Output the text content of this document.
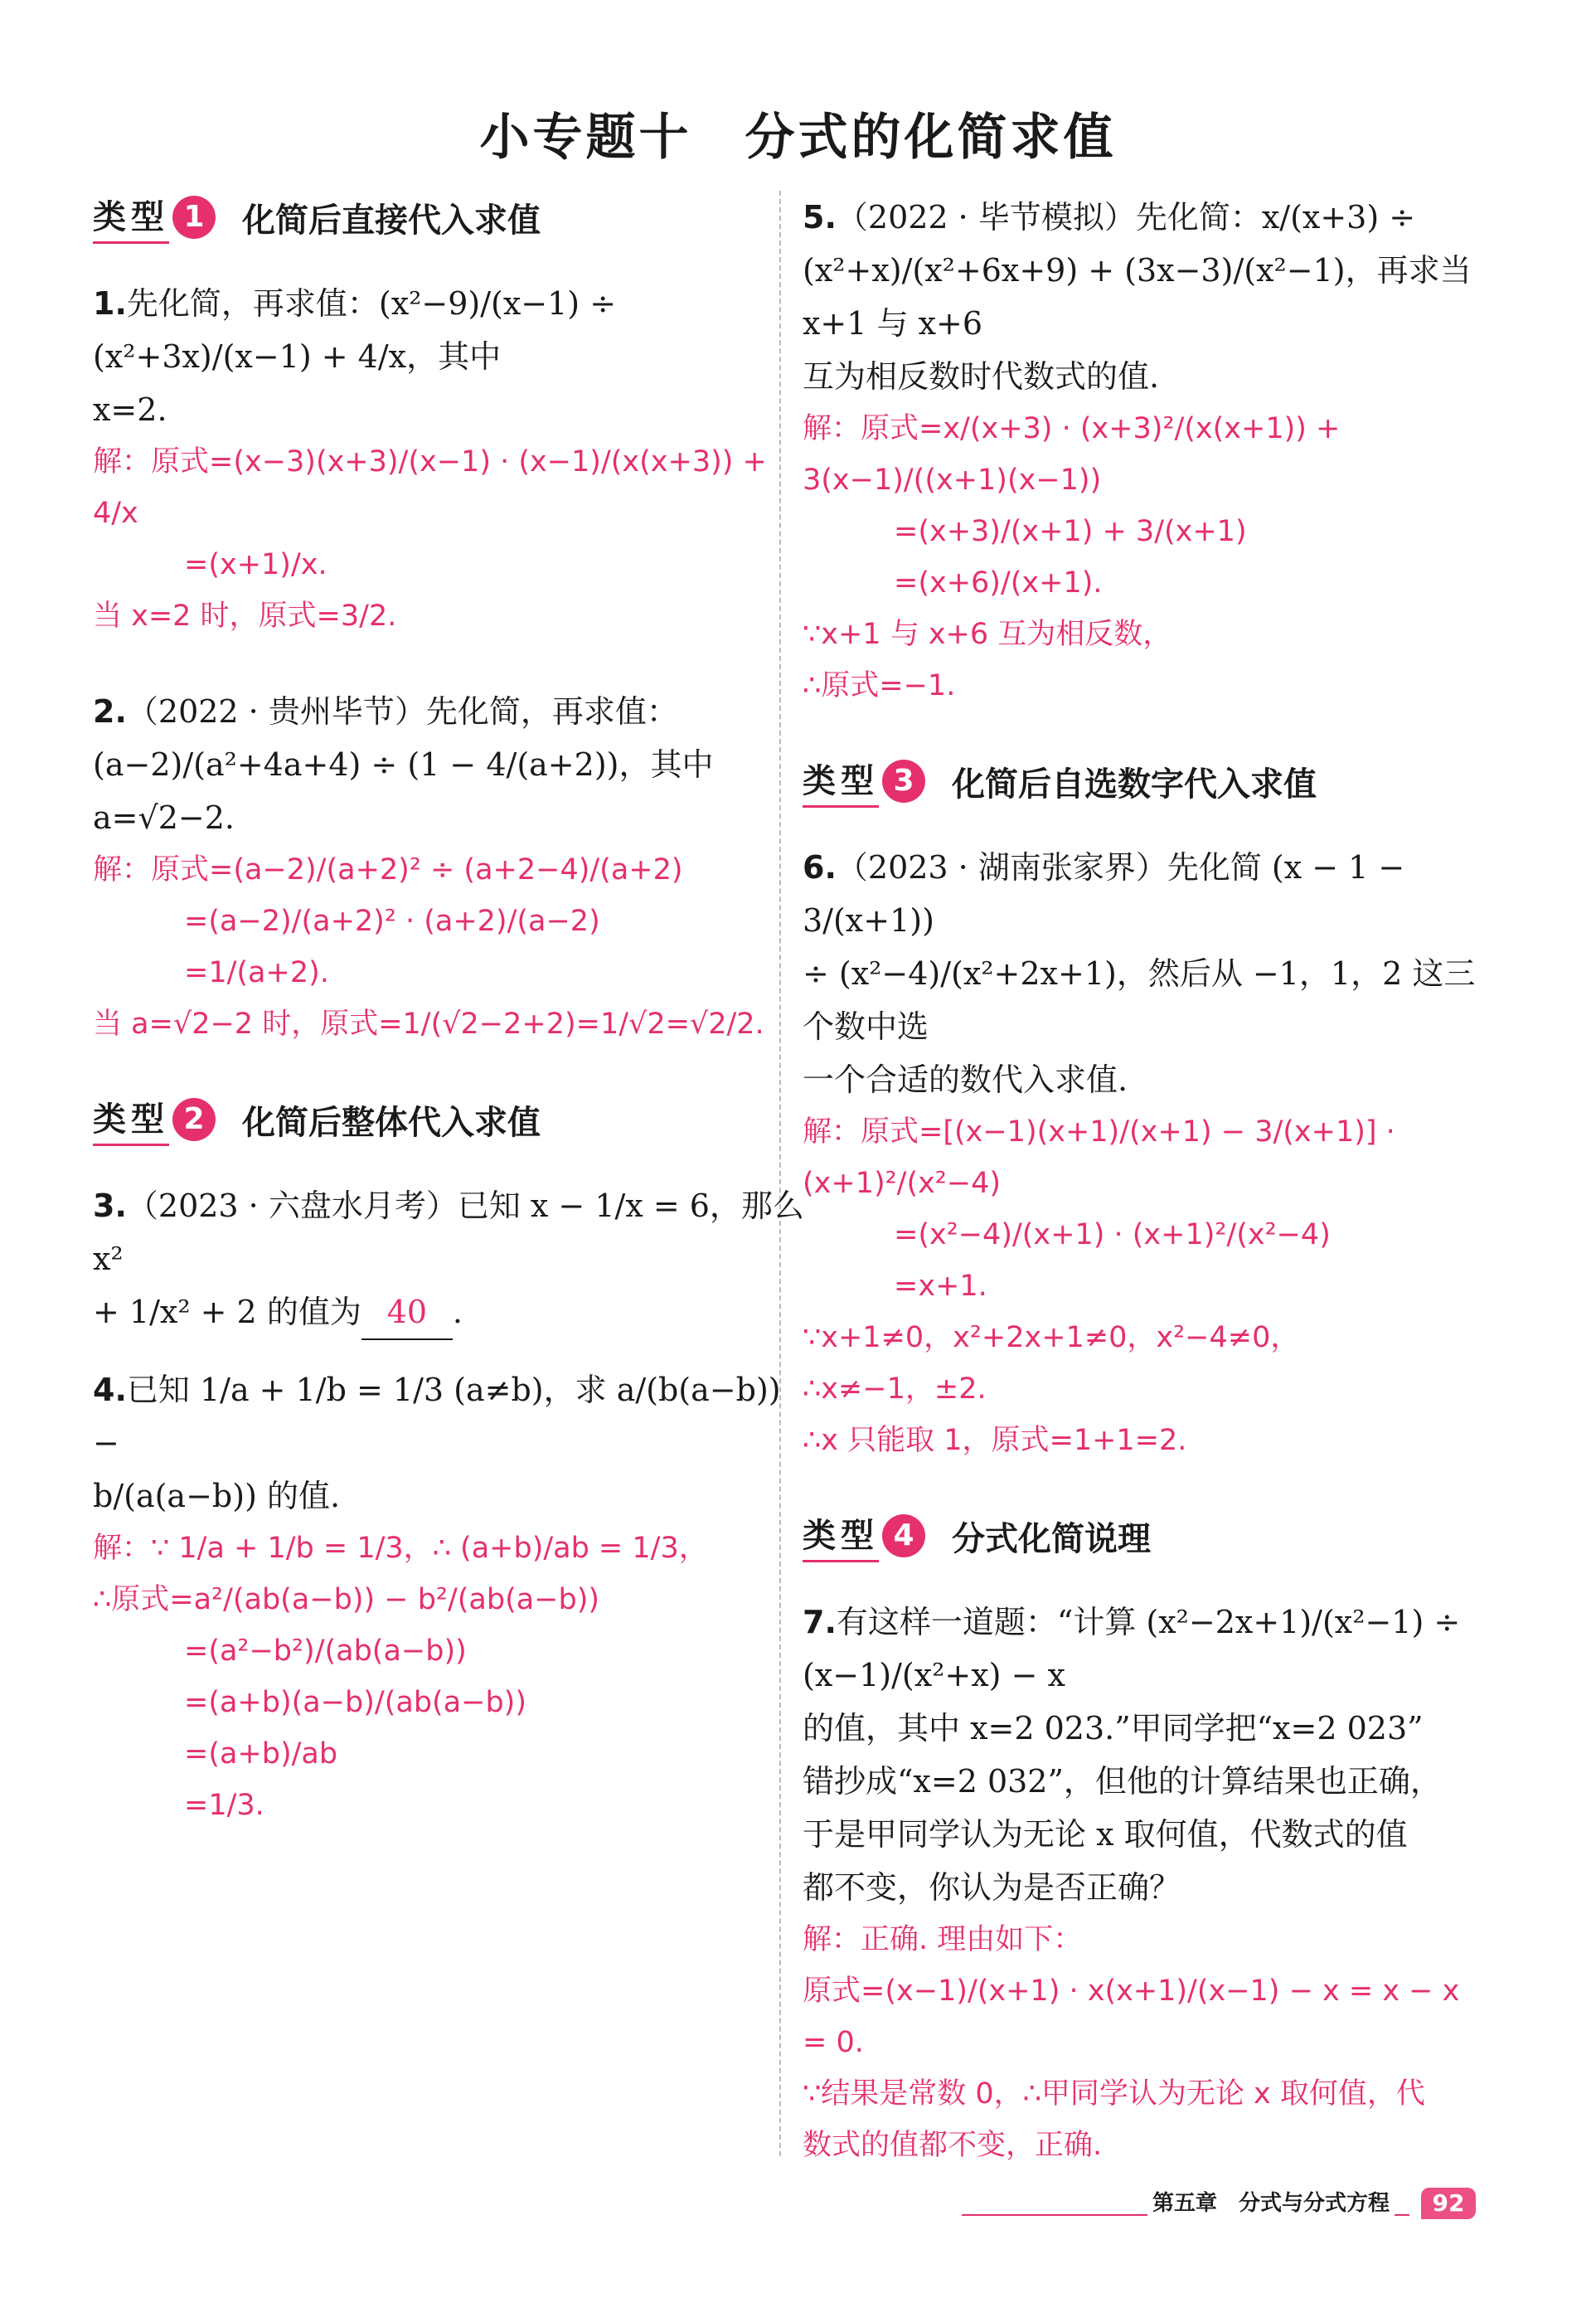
小专题十　分式的化简求值
类型 1	化简后直接代入求值

1.先化简，再求值：(x²−9)/(x−1) ÷ (x²+3x)/(x−1) + 4/x，其中

x=2.

解：原式=(x−3)(x+3)/(x−1) · (x−1)/(x(x+3)) + 4/x
=(x+1)/x.
当 x=2 时，原式=3/2.

2.（2022 · 贵州毕节）先化简，再求值：

(a−2)/(a²+4a+4) ÷ (1 − 4/(a+2))，其中 a=√2−2.

解：原式=(a−2)/(a+2)² ÷ (a+2−4)/(a+2)
=(a−2)/(a+2)² · (a+2)/(a−2)
=1/(a+2).
当 a=√2−2 时，原式=1/(√2−2+2)=1/√2=√2/2.
类型 2	化简后整体代入求值

3.（2023 · 六盘水月考）已知 x − 1/x = 6，那么 x²

+ 1/x² + 2 的值为 40 .

4.已知 1/a + 1/b = 1/3 (a≠b)，求 a/(b(a−b)) −

b/(a(a−b)) 的值.

解：∵ 1/a + 1/b = 1/3，∴ (a+b)/ab = 1/3，
∴原式=a²/(ab(a−b)) − b²/(ab(a−b))
=(a²−b²)/(ab(a−b))
=(a+b)(a−b)/(ab(a−b))
=(a+b)/ab
=1/3.

5.（2022 · 毕节模拟）先化简：x/(x+3) ÷

(x²+x)/(x²+6x+9) + (3x−3)/(x²−1)，再求当 x+1 与 x+6

互为相反数时代数式的值.

解：原式=x/(x+3) · (x+3)²/(x(x+1)) + 3(x−1)/((x+1)(x−1))
=(x+3)/(x+1) + 3/(x+1)
=(x+6)/(x+1).
∵x+1 与 x+6 互为相反数，
∴原式=−1.
类型 3	化简后自选数字代入求值

6.（2023 · 湖南张家界）先化简 (x − 1 − 3/(x+1))

÷ (x²−4)/(x²+2x+1)，然后从 −1，1，2 这三个数中选

一个合适的数代入求值.

解：原式=[(x−1)(x+1)/(x+1) − 3/(x+1)] · (x+1)²/(x²−4)
=(x²−4)/(x+1) · (x+1)²/(x²−4)
=x+1.
∵x+1≠0，x²+2x+1≠0，x²−4≠0，
∴x≠−1，±2.
∴x 只能取 1，原式=1+1=2.
类型 4	分式化简说理

7.有这样一道题：“计算 (x²−2x+1)/(x²−1) ÷ (x−1)/(x²+x) − x

的值，其中 x=2 023.”甲同学把“x=2 023”

错抄成“x=2 032”，但他的计算结果也正确，

于是甲同学认为无论 x 取何值，代数式的值

都不变，你认为是否正确？

解：正确. 理由如下：
原式=(x−1)/(x+1) · x(x+1)/(x−1) − x = x − x = 0.
∵结果是常数 0，∴甲同学认为无论 x 取何值，代
数式的值都不变，正确.
第五章　分式与分式方程	92
